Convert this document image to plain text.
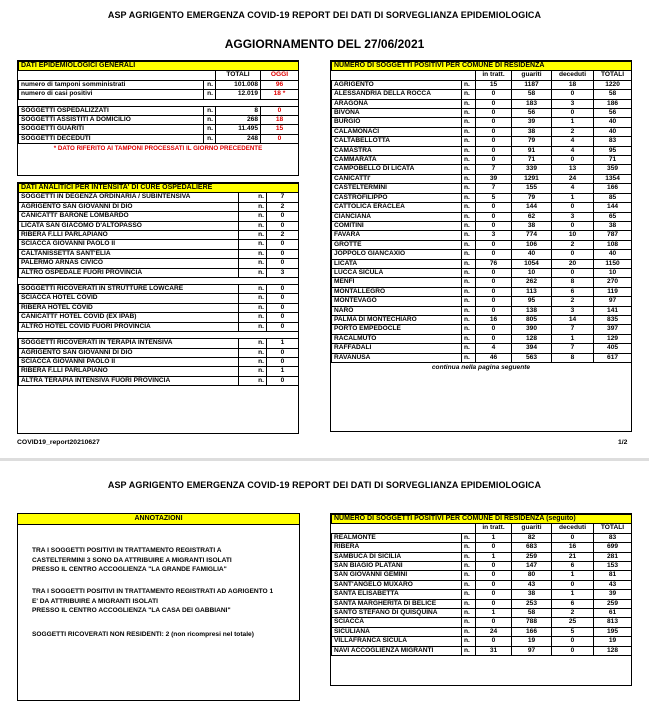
ASP AGRIGENTO EMERGENZA COVID-19 REPORT DEI DATI DI SORVEGLIANZA EPIDEMIOLOGICA
AGGIORNAMENTO DEL 27/06/2021
DATI EPIDEMIOLOGICI GENERALI			
		TOTALI	OGGI
numero di tamponi somministrati	n.	101.008	96
numero di casi positivi	n.	12.019	18 *

SOGGETTI OSPEDALIZZATI	n.	8	0
SOGGETTI ASSISTITI A DOMICILIO	n.	268	18
SOGGETTI GUARITI	n.	11.495	15
SOGGETTI DECEDUTI	n.	248	0
* DATO RIFERITO AI TAMPONI PROCESSATI IL GIORNO PRECEDENTE
DATI ANALITICI PER INTENSITA' DI CURE OSPEDALIERE		
SOGGETTI IN DEGENZA ORDINARIA / SUBINTENSIVA	n.	7
AGRIGENTO SAN GIOVANNI DI DIO	n.	2
CANICATTI' BARONE LOMBARDO	n.	0
LICATA SAN GIACOMO D'ALTOPASSO	n.	0
RIBERA F.LLI PARLAPIANO	n.	2
SCIACCA GIOVANNI PAOLO II	n.	0
CALTANISSETTA SANT'ELIA	n.	0
PALERMO ARNAS CIVICO	n.	0
ALTRO OSPEDALE FUORI PROVINCIA	n.	3

SOGGETTI RICOVERATI IN STRUTTURE LOWCARE	n.	0
SCIACCA HOTEL COVID	n.	0
RIBERA HOTEL COVID	n.	0
CANICATTI' HOTEL COVID (EX IPAB)	n.	0
ALTRO HOTEL COVID FUORI PROVINCIA	n.	0

SOGGETTI RICOVERATI IN TERAPIA INTENSIVA	n.	1
AGRIGENTO SAN GIOVANNI DI DIO	n.	0
SCIACCA GIOVANNI PAOLO II	n.	0
RIBERA F.LLI PARLAPIANO	n.	1
ALTRA TERAPIA INTENSIVA FUORI PROVINCIA	n.	0
NUMERO DI SOGGETTI POSITIVI PER COMUNE DI RESIDENZA					
		in tratt.	guariti	deceduti	TOTALI
AGRIGENTO	n.	15	1187	18	1220
ALESSANDRIA DELLA ROCCA	n.	0	58	0	58
ARAGONA	n.	0	183	3	186
BIVONA	n.	0	56	0	56
BURGIO	n.	0	39	1	40
CALAMONACI	n.	0	38	2	40
CALTABELLOTTA	n.	0	79	4	83
CAMASTRA	n.	0	91	4	95
CAMMARATA	n.	0	71	0	71
CAMPOBELLO DI LICATA	n.	7	339	13	359
CANICATTI'	n.	39	1291	24	1354
CASTELTERMINI	n.	7	155	4	166
CASTROFILIPPO	n.	5	79	1	85
CATTOLICA ERACLEA	n.	0	144	0	144
CIANCIANA	n.	0	62	3	65
COMITINI	n.	0	38	0	38
FAVARA	n.	3	774	10	787
GROTTE	n.	0	106	2	108
JOPPOLO GIANCAXIO	n.	0	40	0	40
LICATA	n.	76	1054	20	1150
LUCCA SICULA	n.	0	10	0	10
MENFI	n.	0	262	8	270
MONTALLEGRO	n.	0	113	6	119
MONTEVAGO	n.	0	95	2	97
NARO	n.	0	138	3	141
PALMA DI MONTECHIARO	n.	16	805	14	835
PORTO EMPEDOCLE	n.	0	390	7	397
RACALMUTO	n.	0	128	1	129
RAFFADALI	n.	4	394	7	405
RAVANUSA	n.	46	563	8	617
continua nella pagina seguente
COVID19_report20210627	1/2
ASP AGRIGENTO EMERGENZA COVID-19 REPORT DEI DATI DI SORVEGLIANZA EPIDEMIOLOGICA
ANNOTAZIONI
TRA I SOGGETTI POSITIVI IN TRATTAMENTO REGISTRATI A
CASTELTERMINI 3 SONO DA ATTRIBUIRE A MIGRANTI ISOLATI
PRESSO IL CENTRO ACCOGLIENZA "LA GRANDE FAMIGLIA"
TRA I SOGGETTI POSITIVI IN TRATTAMENTO REGISTRATI AD AGRIGENTO 1
E' DA ATTRIBUIRE A MIGRANTI ISOLATI
PRESSO IL CENTRO ACCOGLIENZA "LA CASA DEI GABBIANI"
SOGGETTI RICOVERATI NON RESIDENTI: 2 (non ricompresi nel totale)
NUMERO DI SOGGETTI POSITIVI PER COMUNE DI RESIDENZA (seguito)					
		in tratt.	guariti	deceduti	TOTALI
REALMONTE	n.	1	82	0	83
RIBERA	n.	0	683	16	699
SAMBUCA DI SICILIA	n.	1	259	21	281
SAN BIAGIO PLATANI	n.	0	147	6	153
SAN GIOVANNI GEMINI	n.	0	80	1	81
SANT'ANGELO MUXARO	n.	0	43	0	43
SANTA ELISABETTA	n.	0	38	1	39
SANTA MARGHERITA DI BELICE	n.	0	253	6	259
SANTO STEFANO DI QUISQUINA	n.	1	58	2	61
SCIACCA	n.	0	788	25	813
SICULIANA	n.	24	166	5	195
VILLAFRANCA SICULA	n.	0	19	0	19
NAVI ACCOGLIENZA MIGRANTI	n.	31	97	0	128
